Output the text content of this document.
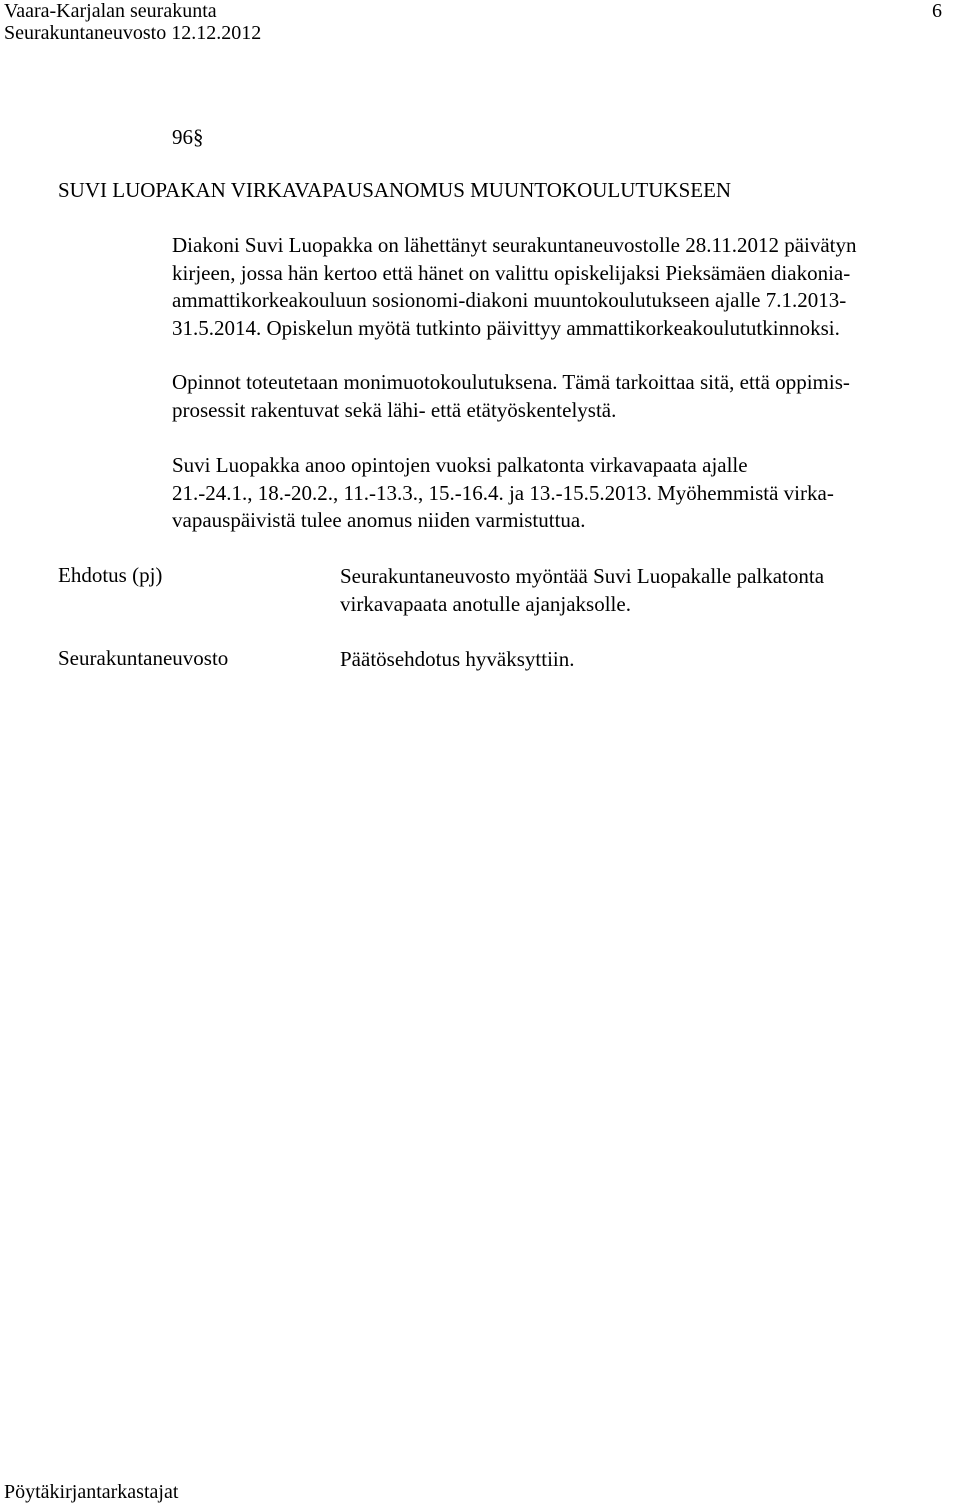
Vaara-Karjalan seurakunta
Seurakuntaneuvosto 12.12.2012
6
96§
SUVI LUOPAKAN VIRKAVAPAUSANOMUS MUUNTOKOULUTUKSEEN
Diakoni Suvi Luopakka on lähettänyt seurakuntaneuvostolle 28.11.2012 päivätyn
kirjeen, jossa hän kertoo että hänet on valittu opiskelijaksi Pieksämäen diakonia-
ammattikorkeakouluun sosionomi-diakoni muuntokoulutukseen ajalle 7.1.2013-
31.5.2014. Opiskelun myötä tutkinto päivittyy ammattikorkeakoulututkinnoksi.
Opinnot toteutetaan monimuotokoulutuksena. Tämä tarkoittaa sitä, että oppimis-
prosessit rakentuvat sekä lähi- että etätyöskentelystä.
Suvi Luopakka anoo opintojen vuoksi palkatonta virkavapaata ajalle
21.-24.1., 18.-20.2., 11.-13.3., 15.-16.4. ja 13.-15.5.2013. Myöhemmistä virka-
vapauspäivistä tulee anomus niiden varmistuttua.
Ehdotus (pj)	Seurakuntaneuvosto myöntää Suvi Luopakalle palkatonta
virkavapaata anotulle ajanjaksolle.
Seurakuntaneuvosto	Päätösehdotus hyväksyttiin.
Pöytäkirjantarkastajat
